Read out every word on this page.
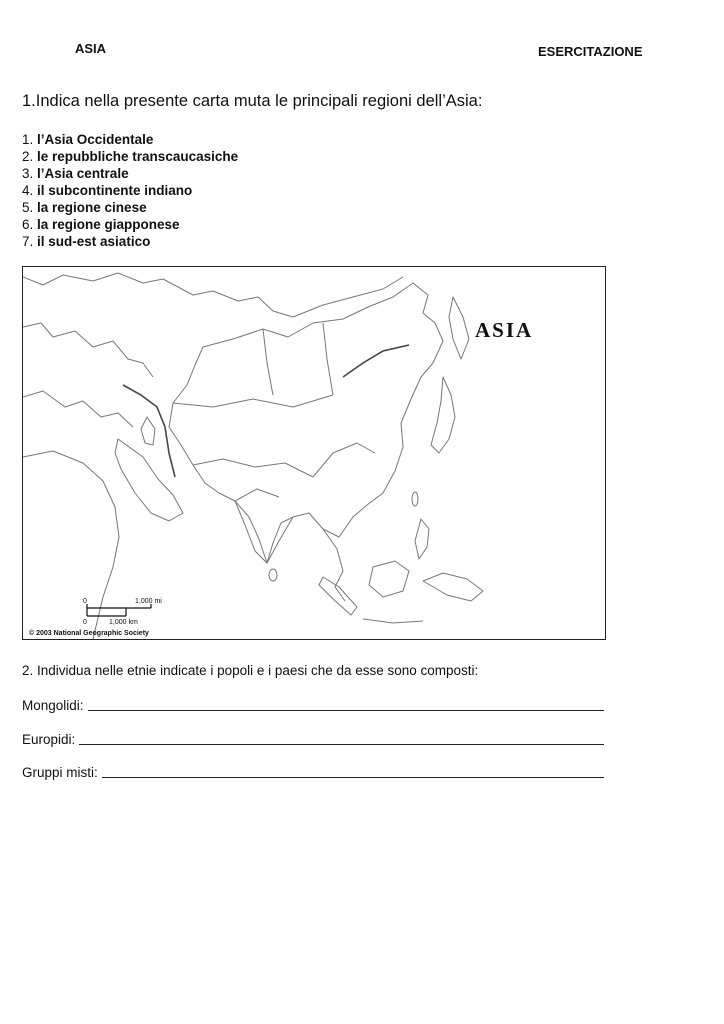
ASIA	ESERCITAZIONE
1.Indica nella presente carta muta le principali regioni dell’Asia:
1. l’Asia Occidentale
2. le repubbliche transcaucasiche
3. l’Asia centrale
4. il subcontinente indiano
5. la regione cinese
6. la regione giapponese
7. il sud-est asiatico
ASIA
0	1,000 mi
0	1,000 km
© 2003 National Geographic Society
2. Individua nelle etnie indicate i popoli e i paesi che da esse sono composti:
Mongolidi:
Europidi:
Gruppi misti:
